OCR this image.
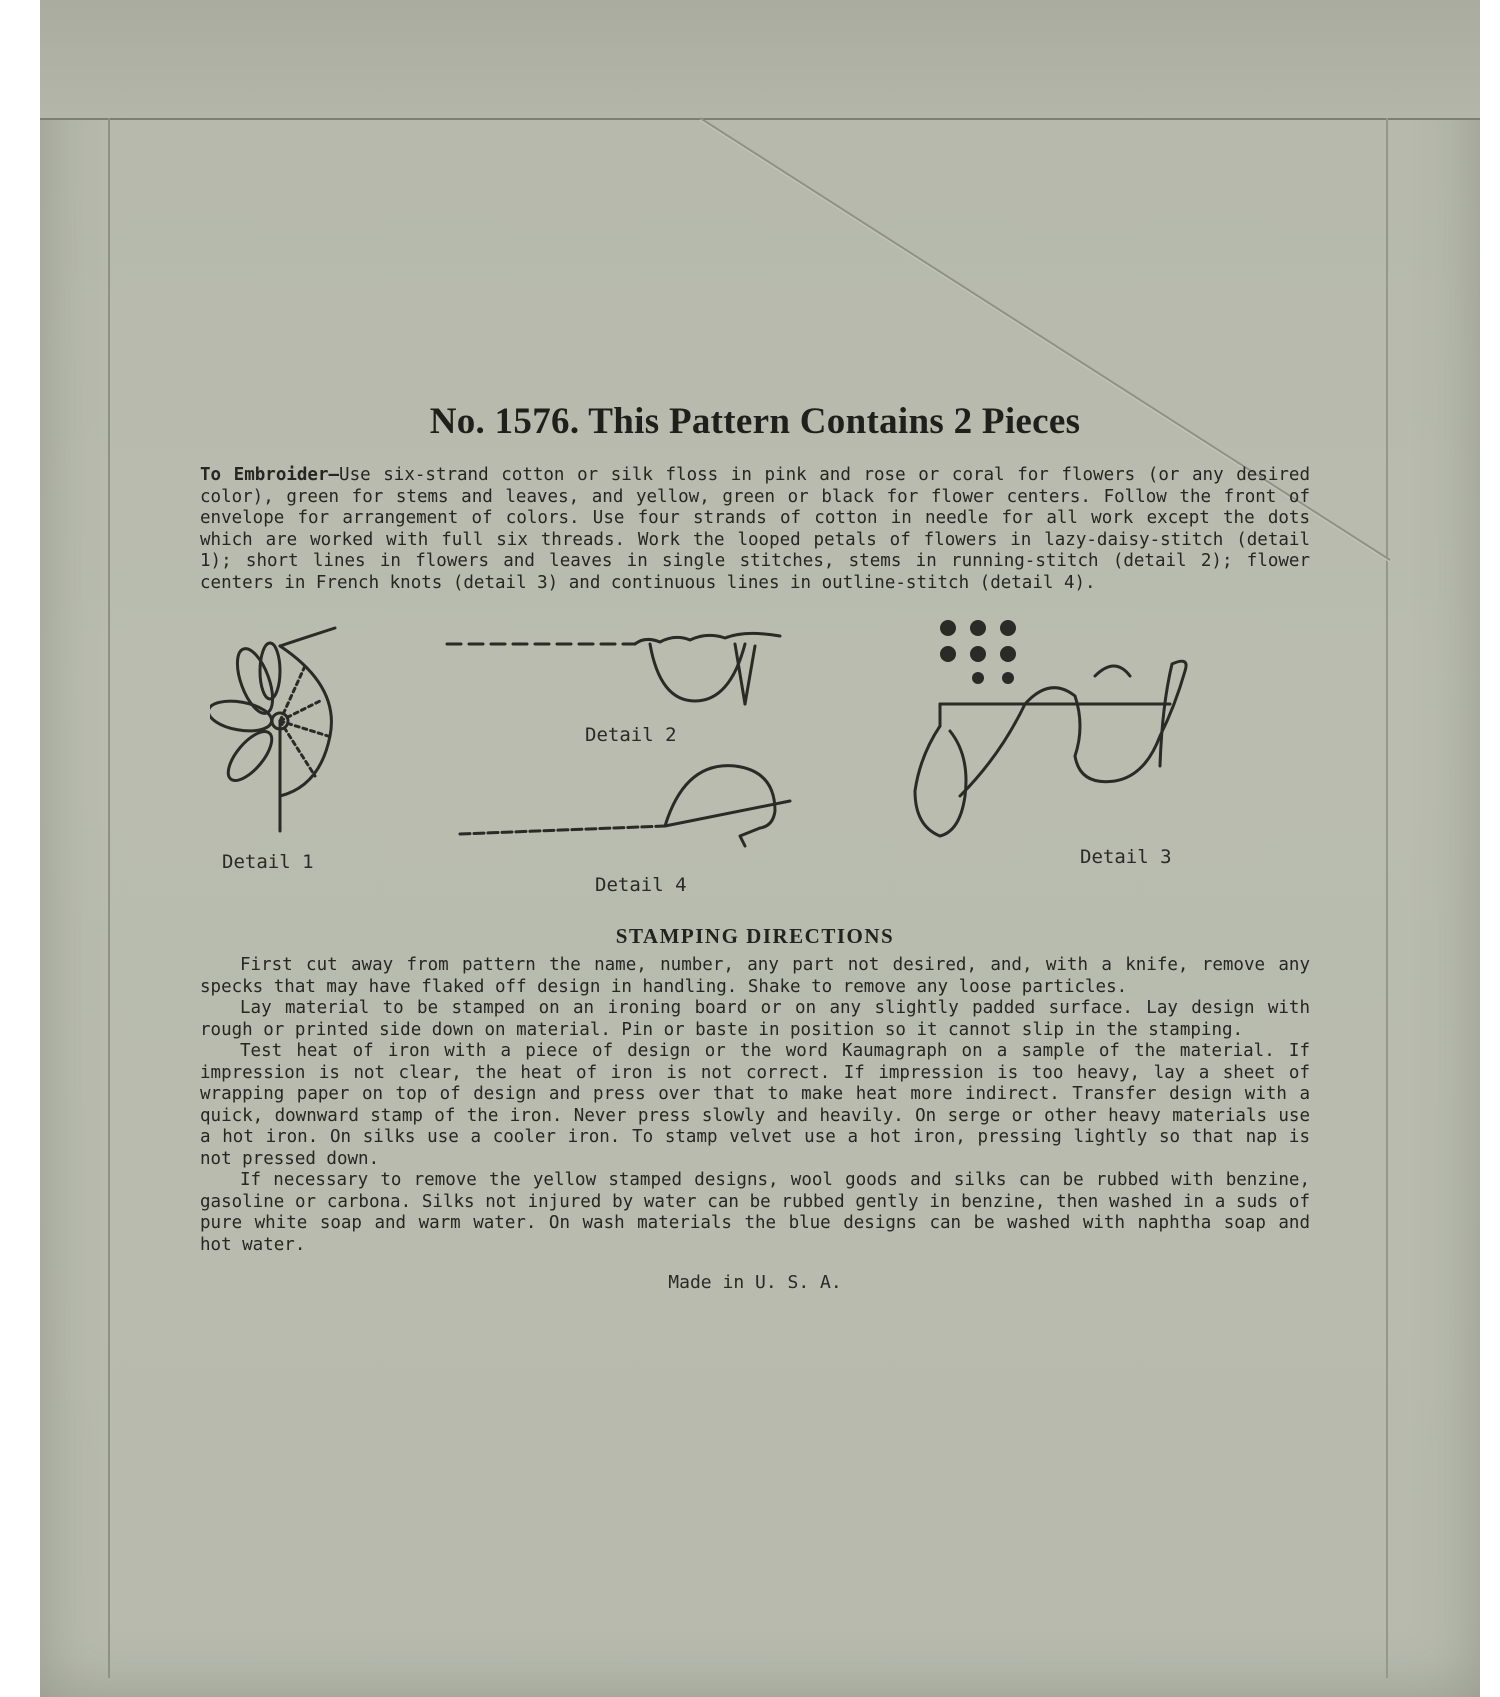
No. 1576. This Pattern Contains 2 Pieces

To Embroider—Use six-strand cotton or silk floss in pink and rose or coral for flowers (or any desired color), green for stems and leaves, and yellow, green or black for flower centers. Follow the front of envelope for arrangement of colors. Use four strands of cotton in needle for all work except the dots which are worked with full six threads. Work the looped petals of flowers in lazy-daisy-stitch (detail 1); short lines in flowers and leaves in single stitches, stems in running-stitch (detail 2); flower centers in French knots (detail 3) and continuous lines in outline-stitch (detail 4).

Detail 1
Detail 2
Detail 4
Detail 3
STAMPING DIRECTIONS

First cut away from pattern the name, number, any part not desired, and, with a knife, remove any specks that may have flaked off design in handling. Shake to remove any loose particles.

Lay material to be stamped on an ironing board or on any slightly padded surface. Lay design with rough or printed side down on material. Pin or baste in position so it cannot slip in the stamping.

Test heat of iron with a piece of design or the word Kaumagraph on a sample of the material. If impression is not clear, the heat of iron is not correct. If impression is too heavy, lay a sheet of wrapping paper on top of design and press over that to make heat more indirect. Transfer design with a quick, downward stamp of the iron. Never press slowly and heavily. On serge or other heavy materials use a hot iron. On silks use a cooler iron. To stamp velvet use a hot iron, pressing lightly so that nap is not pressed down.

If necessary to remove the yellow stamped designs, wool goods and silks can be rubbed with benzine, gasoline or carbona. Silks not injured by water can be rubbed gently in benzine, then washed in a suds of pure white soap and warm water. On wash materials the blue designs can be washed with naphtha soap and hot water.

Made in U. S. A.
